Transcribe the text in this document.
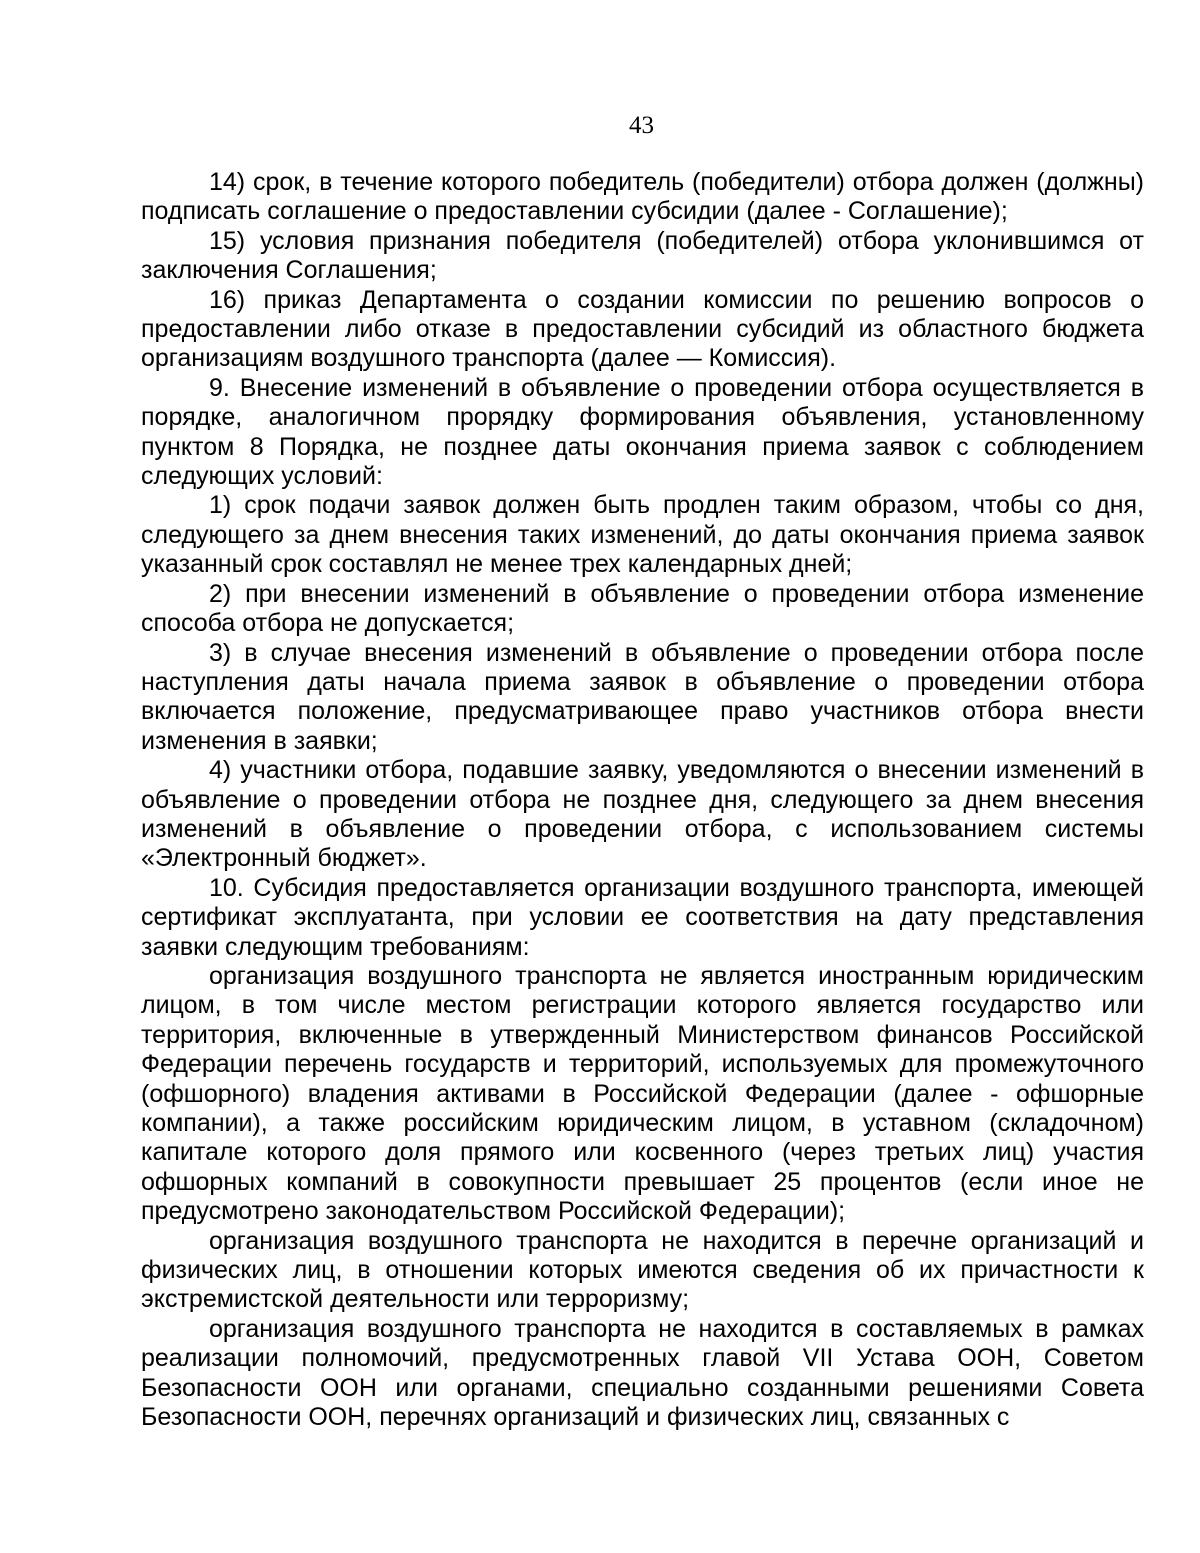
43

14) срок, в течение которого победитель (победители) отбора должен (должны) подписать соглашение о предоставлении субсидии (далее - Соглашение);

15) условия признания победителя (победителей) отбора уклонившимся от заключения Соглашения;

16) приказ Департамента о создании комиссии по решению вопросов о предоставлении либо отказе в предоставлении субсидий из областного бюджета организациям воздушного транспорта (далее — Комиссия).

9. Внесение изменений в объявление о проведении отбора осуществляется в порядке, аналогичном прорядку формирования объявления, установленному пунктом 8 Порядка, не позднее даты окончания приема заявок с соблюдением следующих условий:

1) срок подачи заявок должен быть продлен таким образом, чтобы со дня, следующего за днем внесения таких изменений, до даты окончания приема заявок указанный срок составлял не менее трех календарных дней;

2) при внесении изменений в объявление о проведении отбора изменение способа отбора не допускается;

3) в случае внесения изменений в объявление о проведении отбора после наступления даты начала приема заявок в объявление о проведении отбора включается положение, предусматривающее право участников отбора внести изменения в заявки;

4) участники отбора, подавшие заявку, уведомляются о внесении изменений в объявление о проведении отбора не позднее дня, следующего за днем внесения изменений в объявление о проведении отбора, с использованием системы «Электронный бюджет».

10. Субсидия предоставляется организации воздушного транспорта, имеющей сертификат эксплуатанта, при условии ее соответствия на дату представления заявки следующим требованиям:

организация воздушного транспорта не является иностранным юридическим лицом, в том числе местом регистрации которого является государство или территория, включенные в утвержденный Министерством финансов Российской Федерации перечень государств и территорий, используемых для промежуточного (офшорного) владения активами в Российской Федерации (далее - офшорные компании), а также российским юридическим лицом, в уставном (складочном) капитале которого доля прямого или косвенного (через третьих лиц) участия офшорных компаний в совокупности превышает 25 процентов (если иное не предусмотрено законодательством Российской Федерации);

организация воздушного транспорта не находится в перечне организаций и физических лиц, в отношении которых имеются сведения об их причастности к экстремистской деятельности или терроризму;

организация воздушного транспорта не находится в составляемых в рамках реализации полномочий, предусмотренных главой VII Устава ООН, Советом Безопасности ООН или органами, специально созданными решениями Совета Безопасности ООН, перечнях организаций и физических лиц, связанных с
